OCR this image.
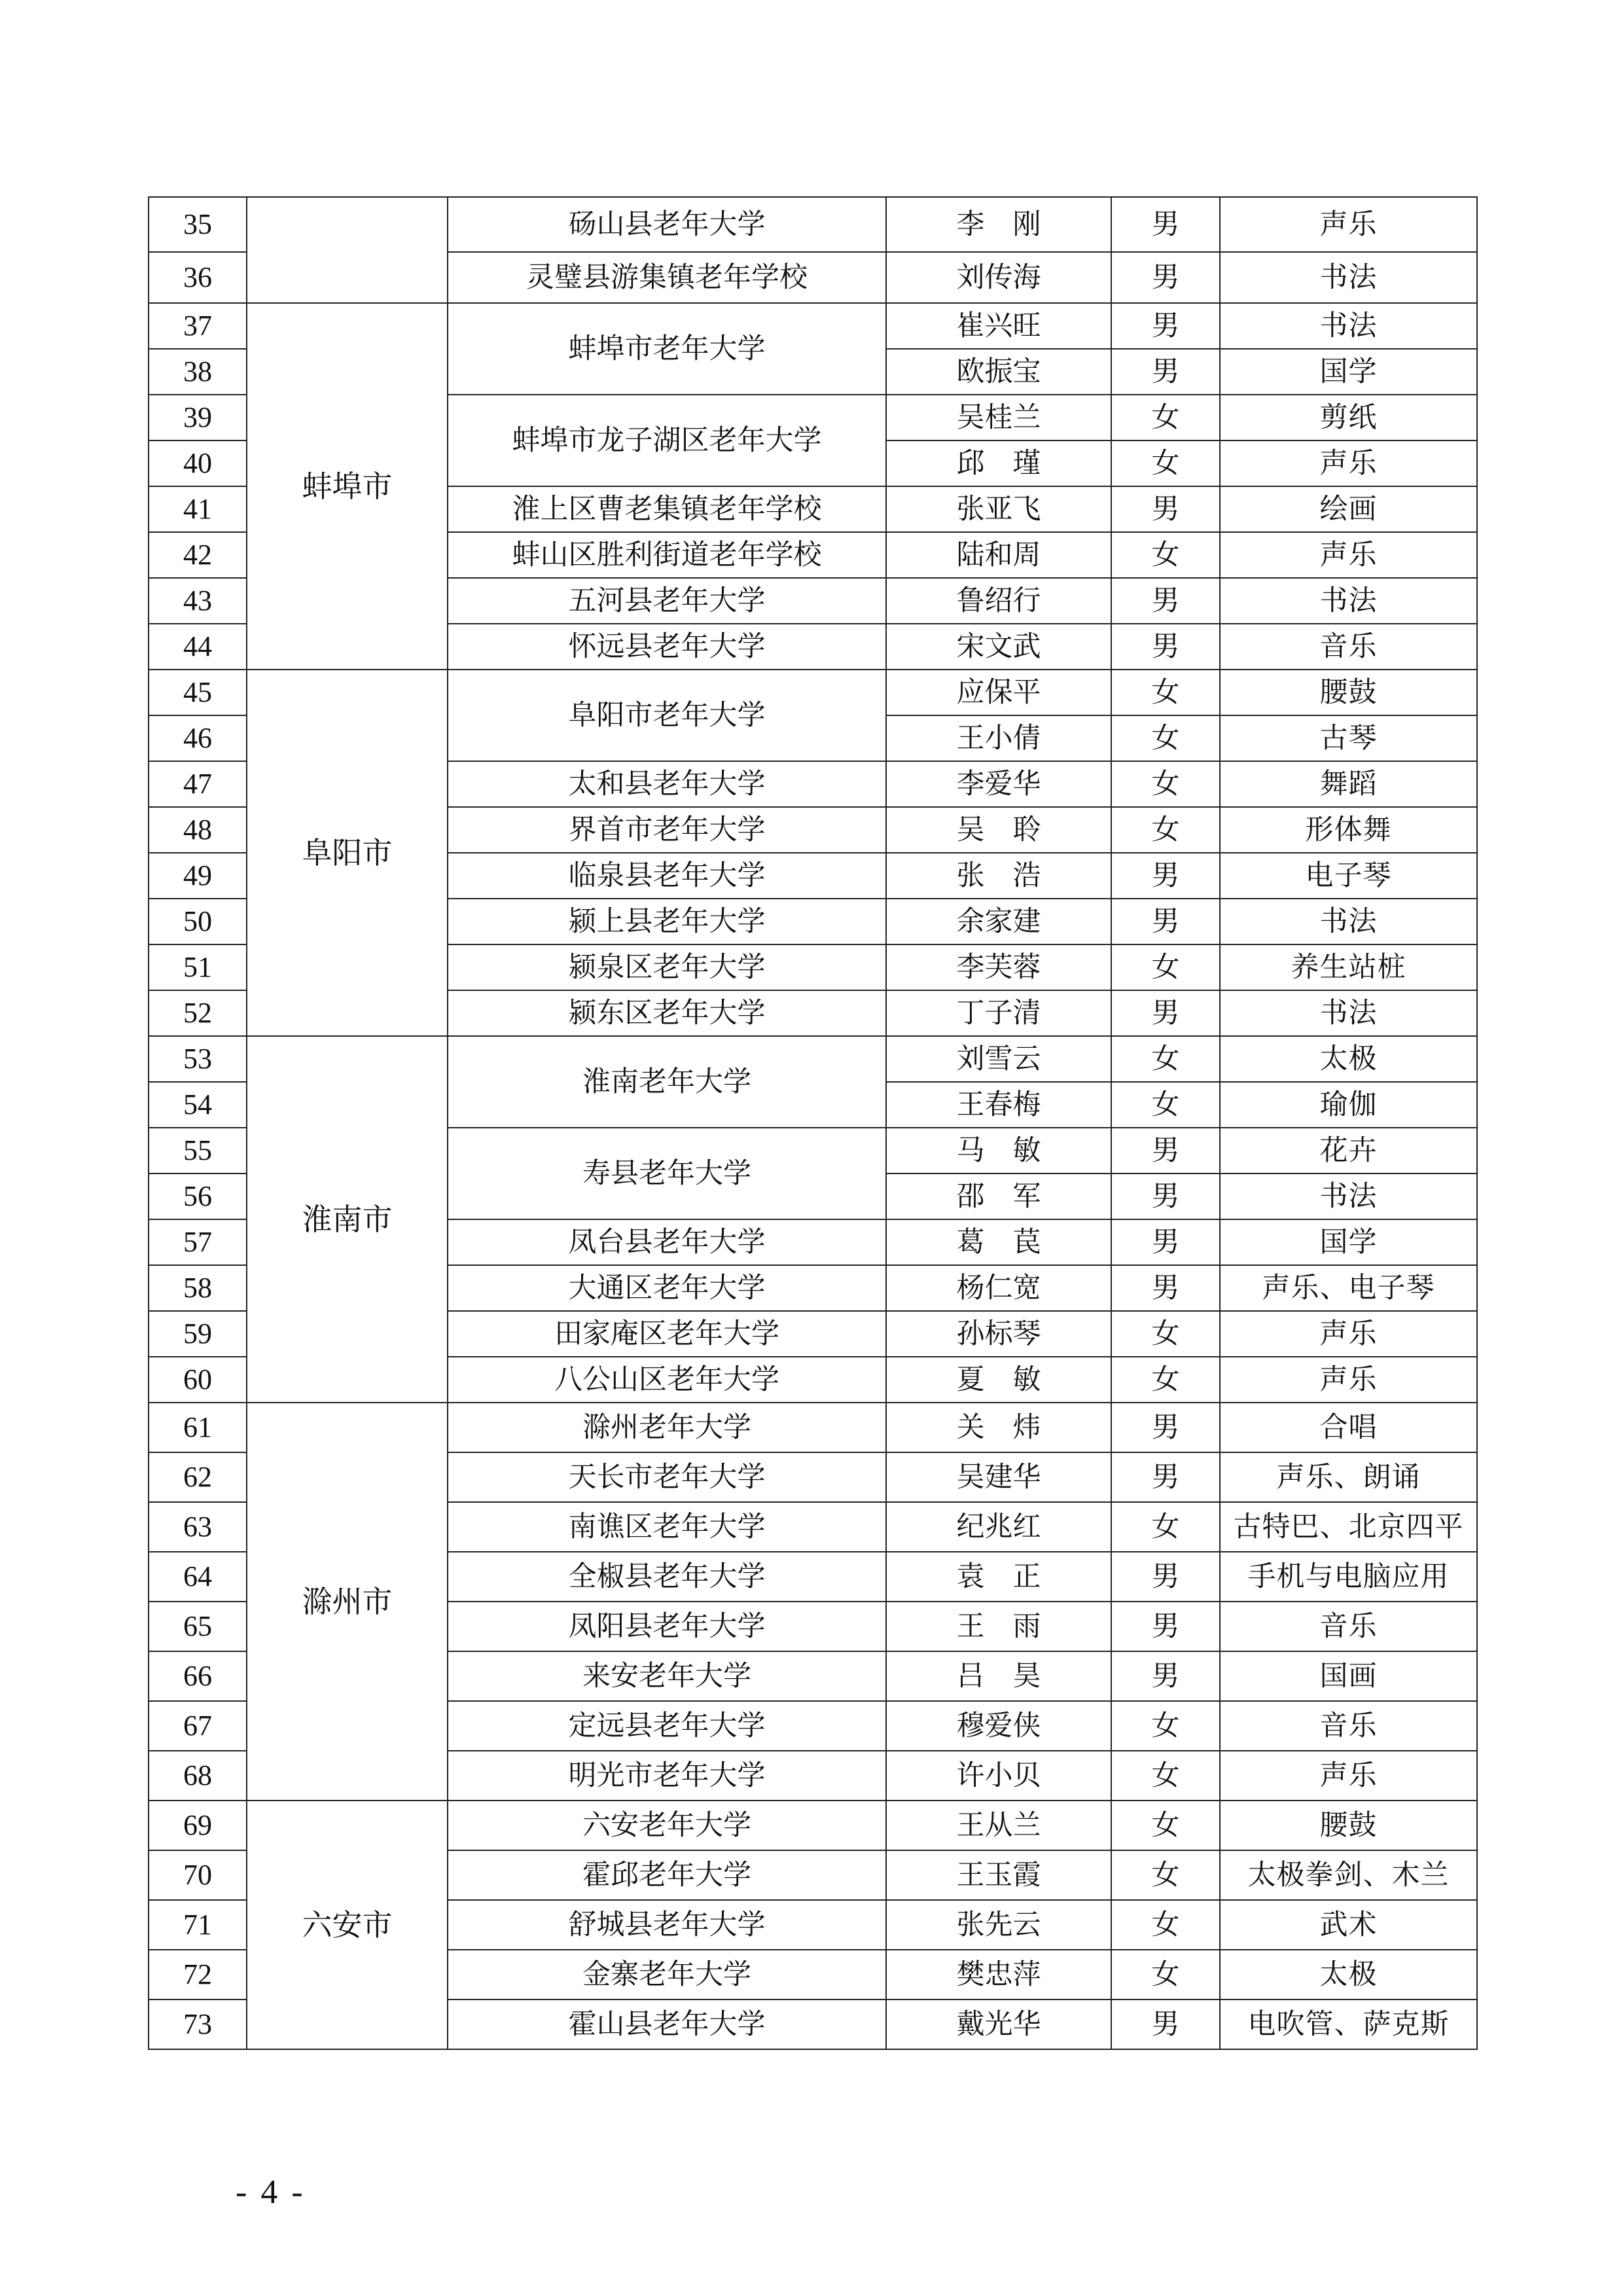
35		砀山县老年大学	李　刚	男	声乐
36		灵璧县游集镇老年学校	刘传海	男	书法
37	蚌埠市	蚌埠市老年大学	崔兴旺	男	书法
38			欧振宝	男	国学
39		蚌埠市龙子湖区老年大学	吴桂兰	女	剪纸
40			邱　瑾	女	声乐
41		淮上区曹老集镇老年学校	张亚飞	男	绘画
42		蚌山区胜利街道老年学校	陆和周	女	声乐
43		五河县老年大学	鲁绍行	男	书法
44		怀远县老年大学	宋文武	男	音乐
45	阜阳市	阜阳市老年大学	应保平	女	腰鼓
46			王小倩	女	古琴
47		太和县老年大学	李爱华	女	舞蹈
48		界首市老年大学	吴　聆	女	形体舞
49		临泉县老年大学	张　浩	男	电子琴
50		颍上县老年大学	余家建	男	书法
51		颍泉区老年大学	李芙蓉	女	养生站桩
52		颍东区老年大学	丁子清	男	书法
53	淮南市	淮南老年大学	刘雪云	女	太极
54			王春梅	女	瑜伽
55		寿县老年大学	马　敏	男	花卉
56			邵　军	男	书法
57		凤台县老年大学	葛　苠	男	国学
58		大通区老年大学	杨仁宽	男	声乐、电子琴
59		田家庵区老年大学	孙标琴	女	声乐
60		八公山区老年大学	夏　敏	女	声乐
61	滁州市	滁州老年大学	关　炜	男	合唱
62		天长市老年大学	吴建华	男	声乐、朗诵
63		南谯区老年大学	纪兆红	女	古特巴、北京四平
64		全椒县老年大学	袁　正	男	手机与电脑应用
65		凤阳县老年大学	王　雨	男	音乐
66		来安老年大学	吕　昊	男	国画
67		定远县老年大学	穆爱侠	女	音乐
68		明光市老年大学	许小贝	女	声乐
69	六安市	六安老年大学	王从兰	女	腰鼓
70		霍邱老年大学	王玉霞	女	太极拳剑、木兰
71		舒城县老年大学	张先云	女	武术
72		金寨老年大学	樊忠萍	女	太极
73		霍山县老年大学	戴光华	男	电吹管、萨克斯
- 4 -
